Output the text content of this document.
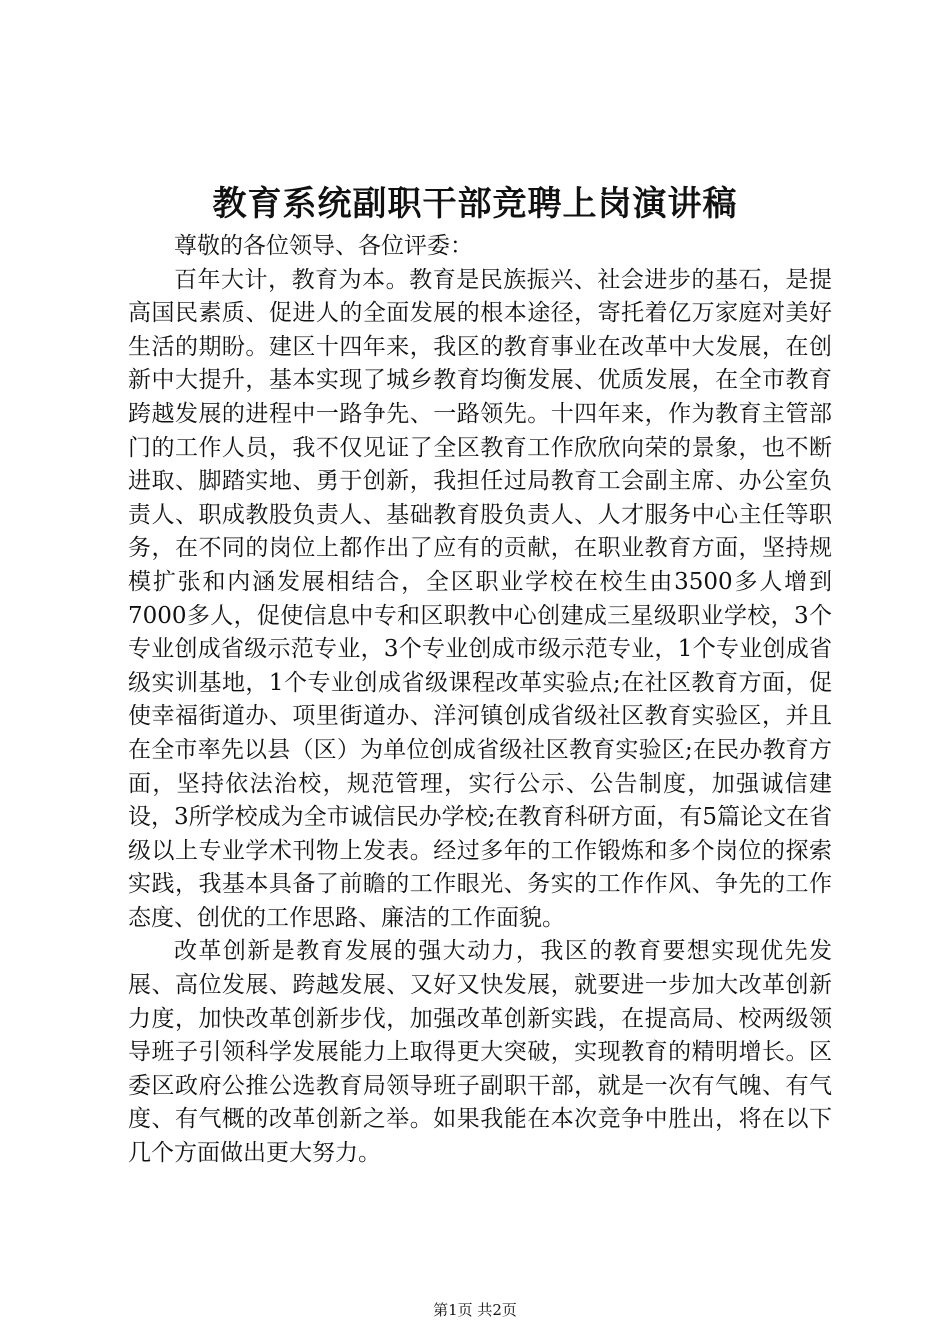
教育系统副职干部竞聘上岗演讲稿

尊敬的各位领导、各位评委：

百年大计，教育为本。教育是民族振兴、社会进步的基石，是提高国民素质、促进人的全面发展的根本途径，寄托着亿万家庭对美好生活的期盼。建区十四年来，我区的教育事业在改革中大发展，在创新中大提升，基本实现了城乡教育均衡发展、优质发展，在全市教育跨越发展的进程中一路争先、一路领先。十四年来，作为教育主管部门的工作人员，我不仅见证了全区教育工作欣欣向荣的景象，也不断进取、脚踏实地、勇于创新，我担任过局教育工会副主席、办公室负责人、职成教股负责人、基础教育股负责人、人才服务中心主任等职务，在不同的岗位上都作出了应有的贡献，在职业教育方面，坚持规模扩张和内涵发展相结合，全区职业学校在校生由3500多人增到7000多人，促使信息中专和区职教中心创建成三星级职业学校，3个专业创成省级示范专业，3个专业创成市级示范专业，1个专业创成省级实训基地，1个专业创成省级课程改革实验点;在社区教育方面，促使幸福街道办、项里街道办、洋河镇创成省级社区教育实验区，并且在全市率先以县（区）为单位创成省级社区教育实验区;在民办教育方面，坚持依法治校，规范管理，实行公示、公告制度，加强诚信建设，3所学校成为全市诚信民办学校;在教育科研方面，有5篇论文在省级以上专业学术刊物上发表。经过多年的工作锻炼和多个岗位的探索实践，我基本具备了前瞻的工作眼光、务实的工作作风、争先的工作态度、创优的工作思路、廉洁的工作面貌。

改革创新是教育发展的强大动力，我区的教育要想实现优先发展、高位发展、跨越发展、又好又快发展，就要进一步加大改革创新力度，加快改革创新步伐，加强改革创新实践，在提高局、校两级领导班子引领科学发展能力上取得更大突破，实现教育的精明增长。区委区政府公推公选教育局领导班子副职干部，就是一次有气魄、有气度、有气概的改革创新之举。如果我能在本次竞争中胜出，将在以下几个方面做出更大努力。

第1页 共2页
